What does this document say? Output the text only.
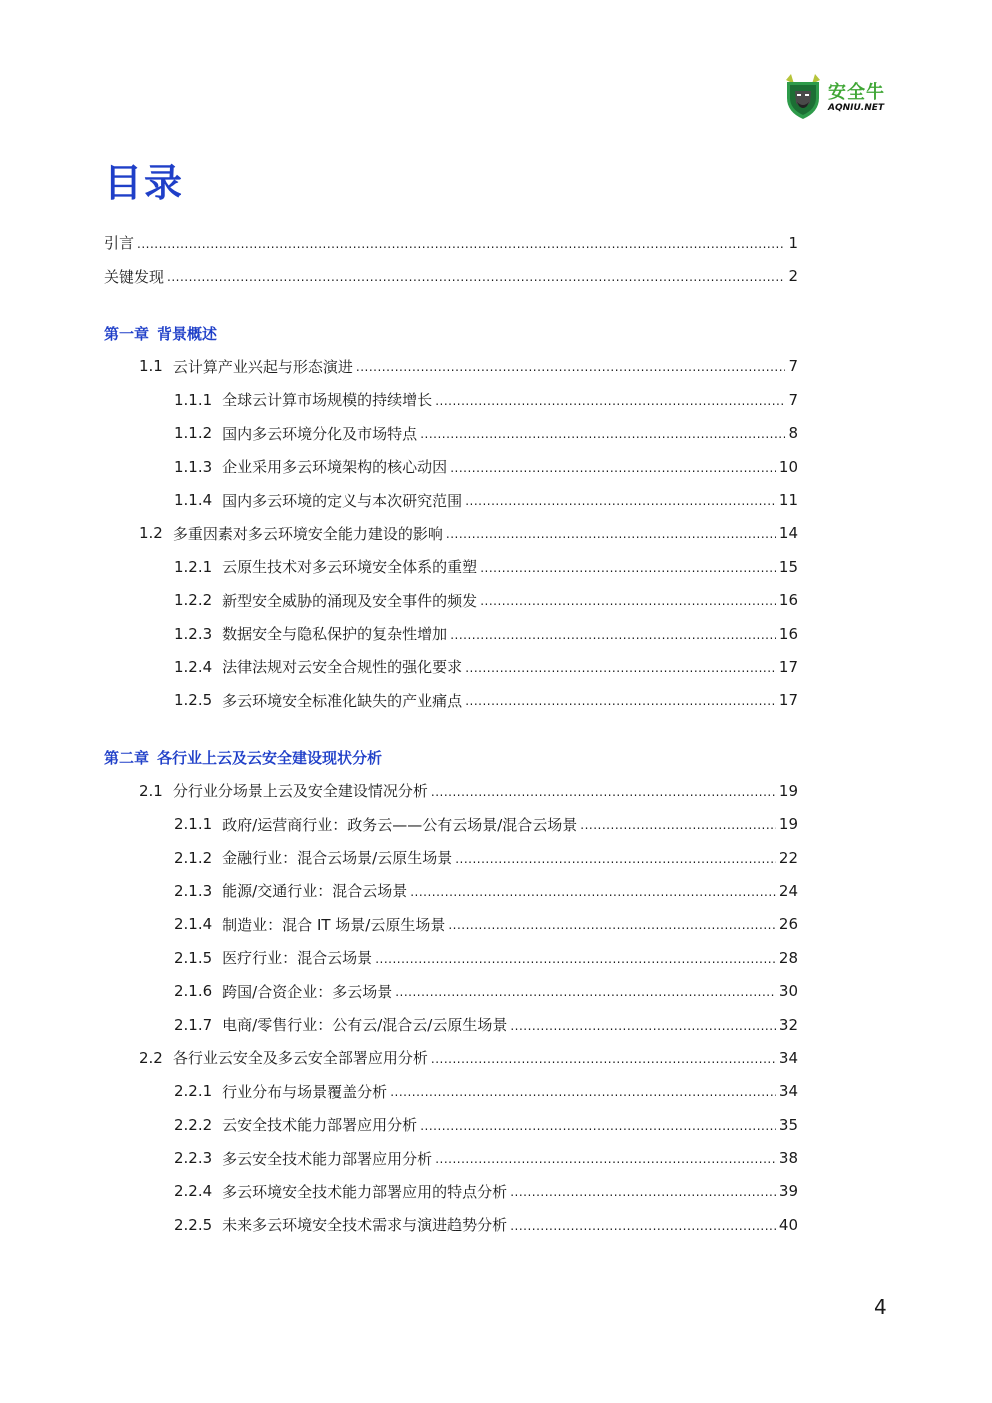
安全牛
AQNIU.NET
目录
引言 .....	1
关键发现 .....	2
第一章 背景概述
1.1 云计算产业兴起与形态演进 .....	7
1.1.1 全球云计算市场规模的持续增长 .....	7
1.1.2 国内多云环境分化及市场特点 .....	8
1.1.3 企业采用多云环境架构的核心动因 .....	10
1.1.4 国内多云环境的定义与本次研究范围 .....	11
1.2 多重因素对多云环境安全能力建设的影响 .....	14
1.2.1 云原生技术对多云环境安全体系的重塑 .....	15
1.2.2 新型安全威胁的涌现及安全事件的频发 .....	16
1.2.3 数据安全与隐私保护的复杂性增加 .....	16
1.2.4 法律法规对云安全合规性的强化要求 .....	17
1.2.5 多云环境安全标准化缺失的产业痛点 .....	17
第二章 各行业上云及云安全建设现状分析
2.1 分行业分场景上云及安全建设情况分析 .....	19
2.1.1 政府/运营商行业：政务云——公有云场景/混合云场景 .....	19
2.1.2 金融行业：混合云场景/云原生场景 .....	22
2.1.3 能源/交通行业：混合云场景 .....	24
2.1.4 制造业：混合 IT 场景/云原生场景 .....	26
2.1.5 医疗行业：混合云场景 .....	28
2.1.6 跨国/合资企业：多云场景 .....	30
2.1.7 电商/零售行业：公有云/混合云/云原生场景 .....	32
2.2 各行业云安全及多云安全部署应用分析 .....	34
2.2.1 行业分布与场景覆盖分析 .....	34
2.2.2 云安全技术能力部署应用分析 .....	35
2.2.3 多云安全技术能力部署应用分析 .....	38
2.2.4 多云环境安全技术能力部署应用的特点分析 .....	39
2.2.5 未来多云环境安全技术需求与演进趋势分析 .....	40
4
